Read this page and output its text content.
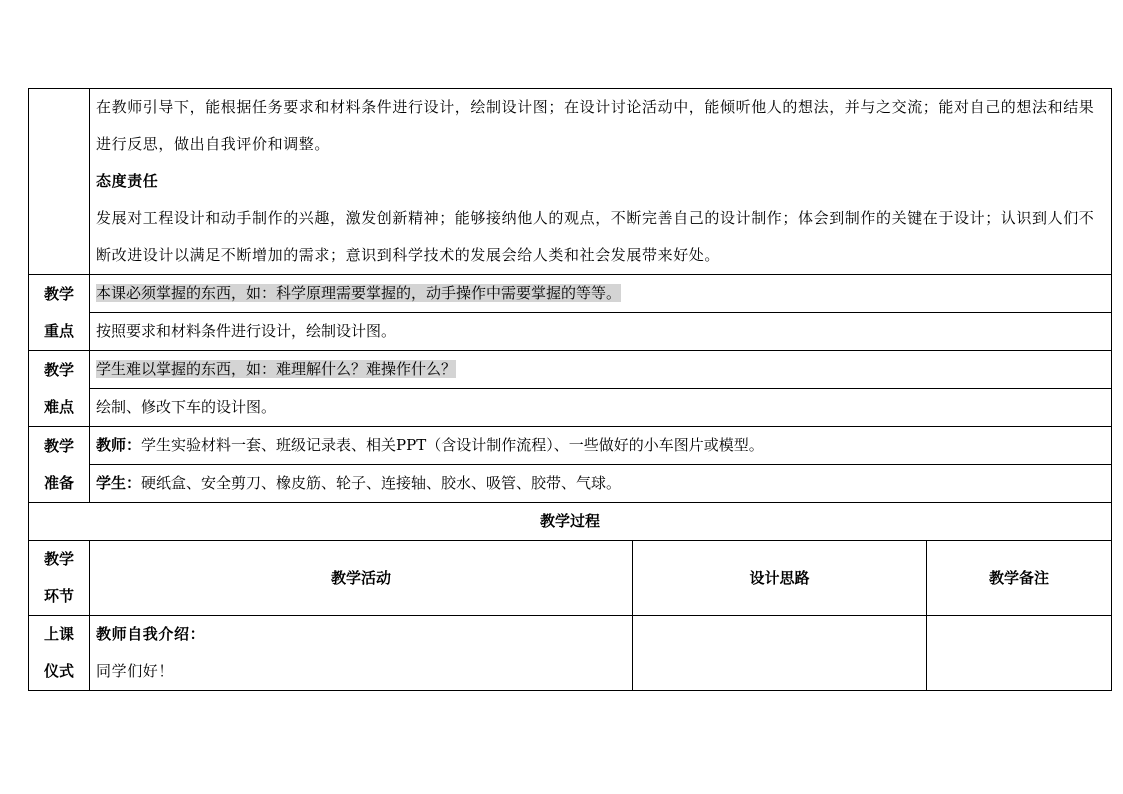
	在教师引导下，能根据任务要求和材料条件进行设计，绘制设计图；在设计讨论活动中，能倾听他人的想法，并与之交流；能对自己的想法和结果进行反思，做出自我评价和调整。
态度责任
发展对工程设计和动手制作的兴趣，激发创新精神；能够接纳他人的观点，不断完善自己的设计制作；体会到制作的关键在于设计；认识到人们不断改进设计以满足不断增加的需求；意识到科学技术的发展会给人类和社会发展带来好处。		

教学
重点	本课必须掌握的东西，如：科学原理需要掌握的，动手操作中需要掌握的等等。		
	按照要求和材料条件进行设计，绘制设计图。		

教学
难点	学生难以掌握的东西，如：难理解什么？难操作什么？		
	绘制、修改下车的设计图。		

教学
准备	教师：学生实验材料一套、班级记录表、相关PPT（含设计制作流程）、一些做好的小车图片或模型。		
	学生：硬纸盒、安全剪刀、橡皮筋、轮子、连接轴、胶水、吸管、胶带、气球。		
教学过程			

教学
环节	教学活动	设计思路	教学备注

上课
仪式	教师自我介绍：
同学们好！		
